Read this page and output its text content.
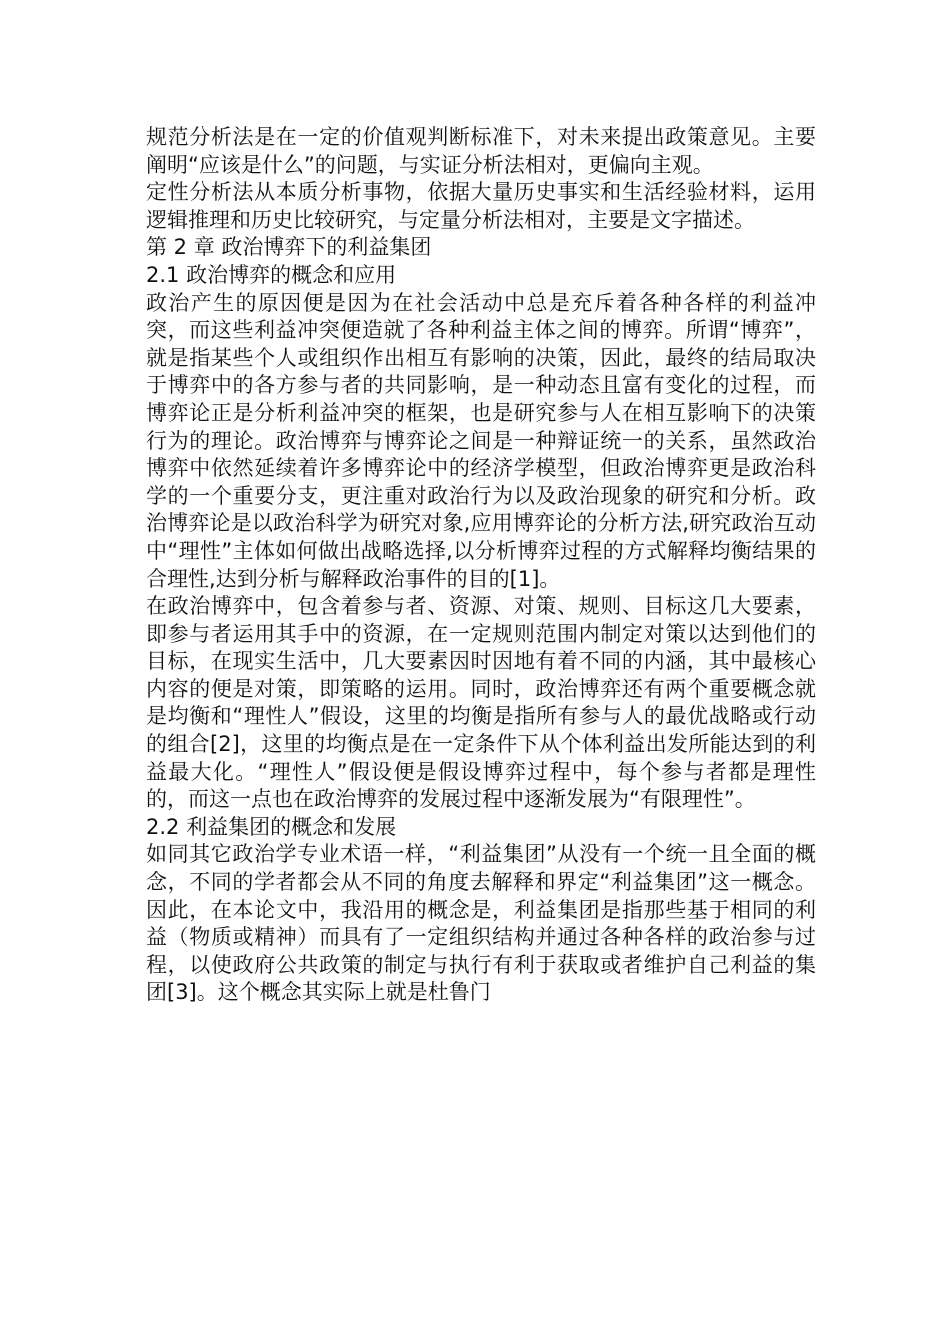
规范分析法是在一定的价值观判断标准下，对未来提出政策意见。主要阐明“应该是什么”的问题，与实证分析法相对，更偏向主观。

定性分析法从本质分析事物，依据大量历史事实和生活经验材料，运用逻辑推理和历史比较研究，与定量分析法相对，主要是文字描述。

第 2 章 政治博弈下的利益集团

2.1 政治博弈的概念和应用

政治产生的原因便是因为在社会活动中总是充斥着各种各样的利益冲突，而这些利益冲突便造就了各种利益主体之间的博弈。所谓“博弈”，就是指某些个人或组织作出相互有影响的决策，因此，最终的结局取决于博弈中的各方参与者的共同影响，是一种动态且富有变化的过程，而博弈论正是分析利益冲突的框架，也是研究参与人在相互影响下的决策行为的理论。政治博弈与博弈论之间是一种辩证统一的关系，虽然政治博弈中依然延续着许多博弈论中的经济学模型，但政治博弈更是政治科学的一个重要分支，更注重对政治行为以及政治现象的研究和分析。政治博弈论是以政治科学为研究对象,应用博弈论的分析方法,研究政治互动中“理性”主体如何做出战略选择,以分析博弈过程的方式解释均衡结果的合理性,达到分析与解释政治事件的目的[1]。

在政治博弈中，包含着参与者、资源、对策、规则、目标这几大要素，即参与者运用其手中的资源，在一定规则范围内制定对策以达到他们的目标，在现实生活中，几大要素因时因地有着不同的内涵，其中最核心内容的便是对策，即策略的运用。同时，政治博弈还有两个重要概念就是均衡和“理性人”假设，这里的均衡是指所有参与人的最优战略或行动的组合[2]，这里的均衡点是在一定条件下从个体利益出发所能达到的利益最大化。“理性人”假设便是假设博弈过程中，每个参与者都是理性的，而这一点也在政治博弈的发展过程中逐渐发展为“有限理性”。

2.2 利益集团的概念和发展

如同其它政治学专业术语一样，“利益集团”从没有一个统一且全面的概念，不同的学者都会从不同的角度去解释和界定“利益集团”这一概念。因此，在本论文中，我沿用的概念是，利益集团是指那些基于相同的利益（物质或精神）而具有了一定组织结构并通过各种各样的政治参与过程，以使政府公共政策的制定与执行有利于获取或者维护自己利益的集团[3]。这个概念其实际上就是杜鲁门
